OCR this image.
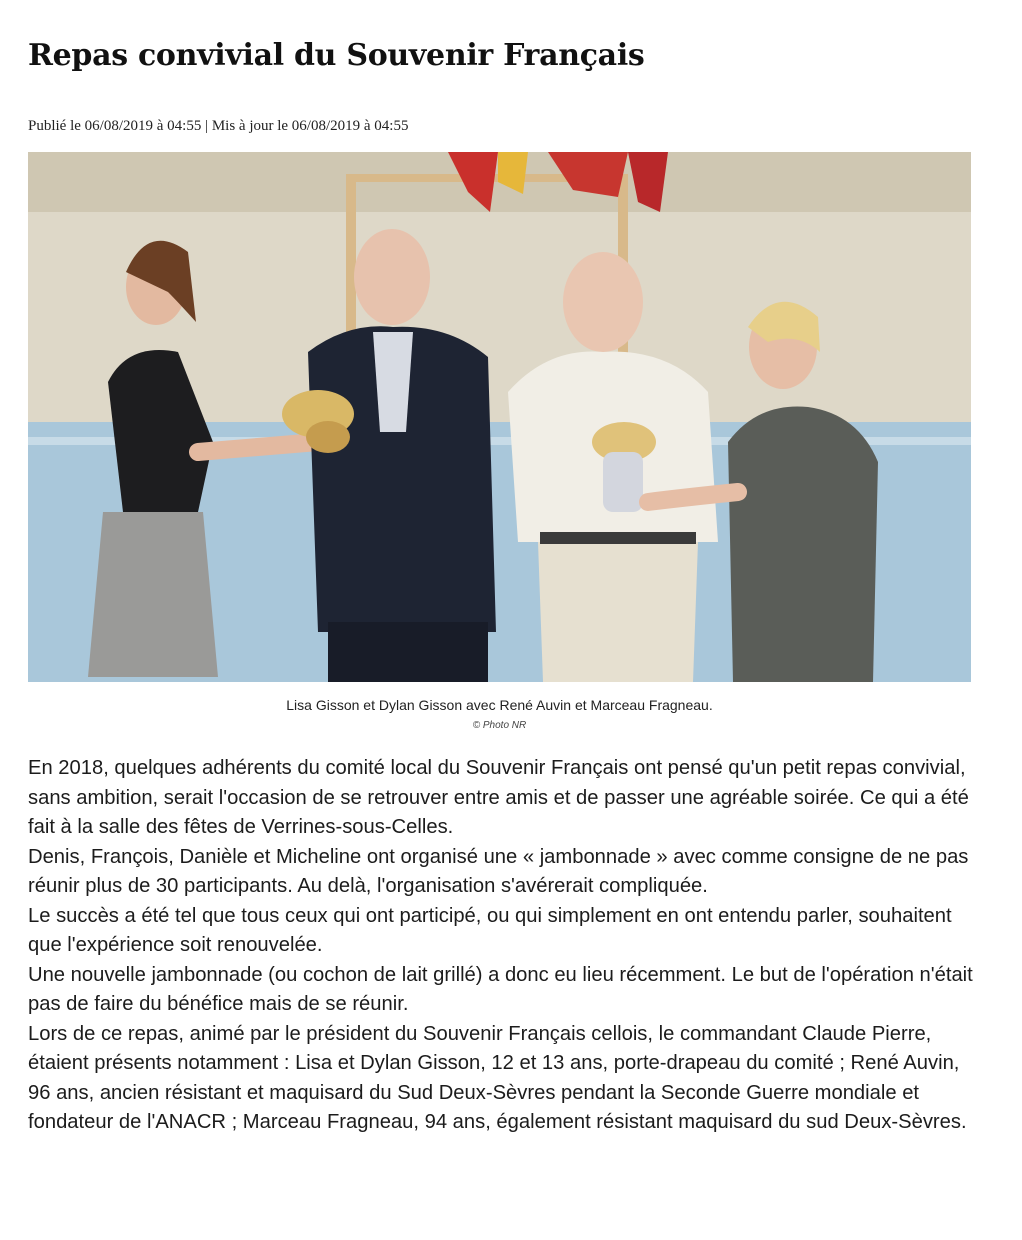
Repas convivial du Souvenir Français
Publié le 06/08/2019 à 04:55 | Mis à jour le 06/08/2019 à 04:55
Lisa Gisson et Dylan Gisson avec René Auvin et Marceau Fragneau.
© Photo NR

En 2018, quelques adhérents du comité local du Souvenir Français ont pensé qu'un petit repas convivial, sans ambition, serait l'occasion de se retrouver entre amis et de passer une agréable soirée. Ce qui a été fait à la salle des fêtes de Verrines-sous-Celles.

Denis, François, Danièle et Micheline ont organisé une « jambonnade » avec comme consigne de ne pas réunir plus de 30 participants. Au delà, l'organisation s'avérerait compliquée.

Le succès a été tel que tous ceux qui ont participé, ou qui simplement en ont entendu parler, souhaitent que l'expérience soit renouvelée.

Une nouvelle jambonnade (ou cochon de lait grillé) a donc eu lieu récemment. Le but de l'opération n'était pas de faire du bénéfice mais de se réunir.

Lors de ce repas, animé par le président du Souvenir Français cellois, le commandant Claude Pierre, étaient présents notamment : Lisa et Dylan Gisson, 12 et 13 ans, porte-drapeau du comité ; René Auvin, 96 ans, ancien résistant et maquisard du Sud Deux-Sèvres pendant la Seconde Guerre mondiale et fondateur de l'ANACR ; Marceau Fragneau, 94 ans, également résistant maquisard du sud Deux-Sèvres.
